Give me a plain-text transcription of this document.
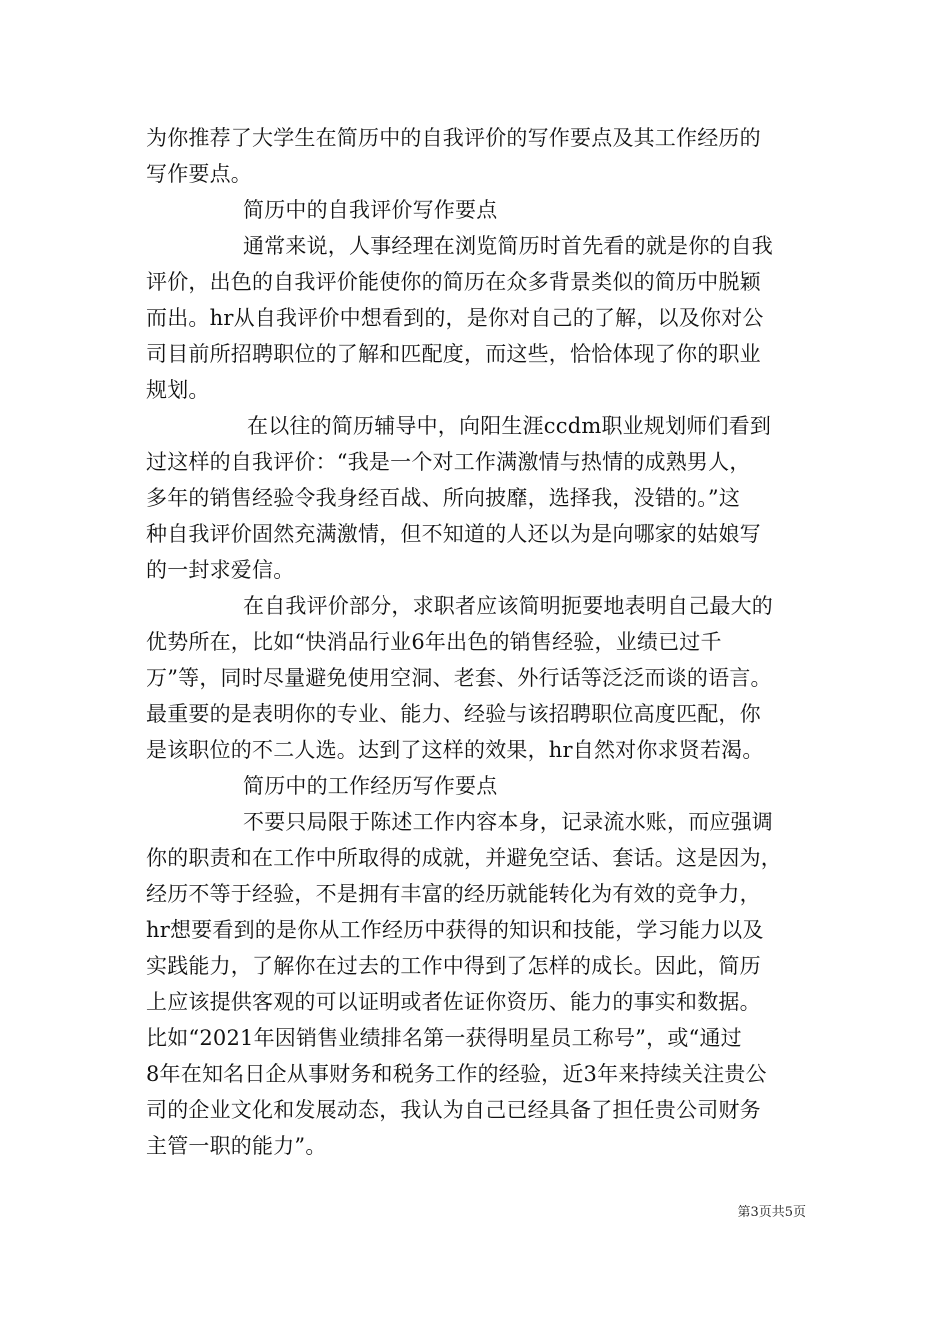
为你推荐了大学生在简历中的自我评价的写作要点及其工作经历的
写作要点。
简历中的自我评价写作要点
通常来说，人事经理在浏览简历时首先看的就是你的自我
评价，出色的自我评价能使你的简历在众多背景类似的简历中脱颖
而出。hr从自我评价中想看到的，是你对自己的了解，以及你对公
司目前所招聘职位的了解和匹配度，而这些，恰恰体现了你的职业
规划。
在以往的简历辅导中，向阳生涯ccdm职业规划师们看到
过这样的自我评价：“我是一个对工作满激情与热情的成熟男人，
多年的销售经验令我身经百战、所向披靡，选择我，没错的。”这
种自我评价固然充满激情，但不知道的人还以为是向哪家的姑娘写
的一封求爱信。
在自我评价部分，求职者应该简明扼要地表明自己最大的
优势所在，比如“快消品行业6年出色的销售经验，业绩已过千
万”等，同时尽量避免使用空洞、老套、外行话等泛泛而谈的语言。
最重要的是表明你的专业、能力、经验与该招聘职位高度匹配，你
是该职位的不二人选。达到了这样的效果，hr自然对你求贤若渴。
简历中的工作经历写作要点
不要只局限于陈述工作内容本身，记录流水账，而应强调
你的职责和在工作中所取得的成就，并避免空话、套话。这是因为，
经历不等于经验，不是拥有丰富的经历就能转化为有效的竞争力，
hr想要看到的是你从工作经历中获得的知识和技能，学习能力以及
实践能力，了解你在过去的工作中得到了怎样的成长。因此，简历
上应该提供客观的可以证明或者佐证你资历、能力的事实和数据。
比如“2021年因销售业绩排名第一获得明星员工称号”，或“通过
8年在知名日企从事财务和税务工作的经验，近3年来持续关注贵公
司的企业文化和发展动态，我认为自己已经具备了担任贵公司财务
主管一职的能力”。
第3页共5页
